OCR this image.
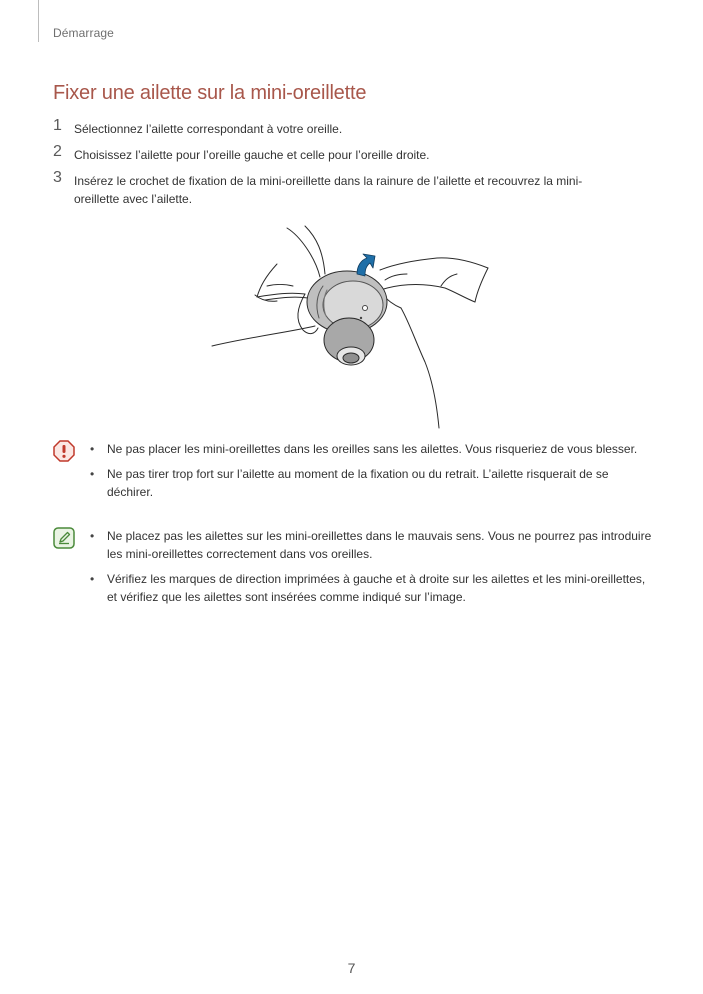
Démarrage
Fixer une ailette sur la mini-oreillette
1 Sélectionnez l’ailette correspondant à votre oreille.
2 Choisissez l’ailette pour l’oreille gauche et celle pour l’oreille droite.
3 Insérez le crochet de fixation de la mini-oreillette dans la rainure de l’ailette et recouvrez la mini-oreillette avec l’ailette.
• Ne pas placer les mini-oreillettes dans les oreilles sans les ailettes. Vous risqueriez de vous blesser.
• Ne pas tirer trop fort sur l’ailette au moment de la fixation ou du retrait. L’ailette risquerait de se déchirer.
• Ne placez pas les ailettes sur les mini-oreillettes dans le mauvais sens. Vous ne pourrez pas introduire les mini-oreillettes correctement dans vos oreilles.
• Vérifiez les marques de direction imprimées à gauche et à droite sur les ailettes et les mini-oreillettes, et vérifiez que les ailettes sont insérées comme indiqué sur l’image.
7
